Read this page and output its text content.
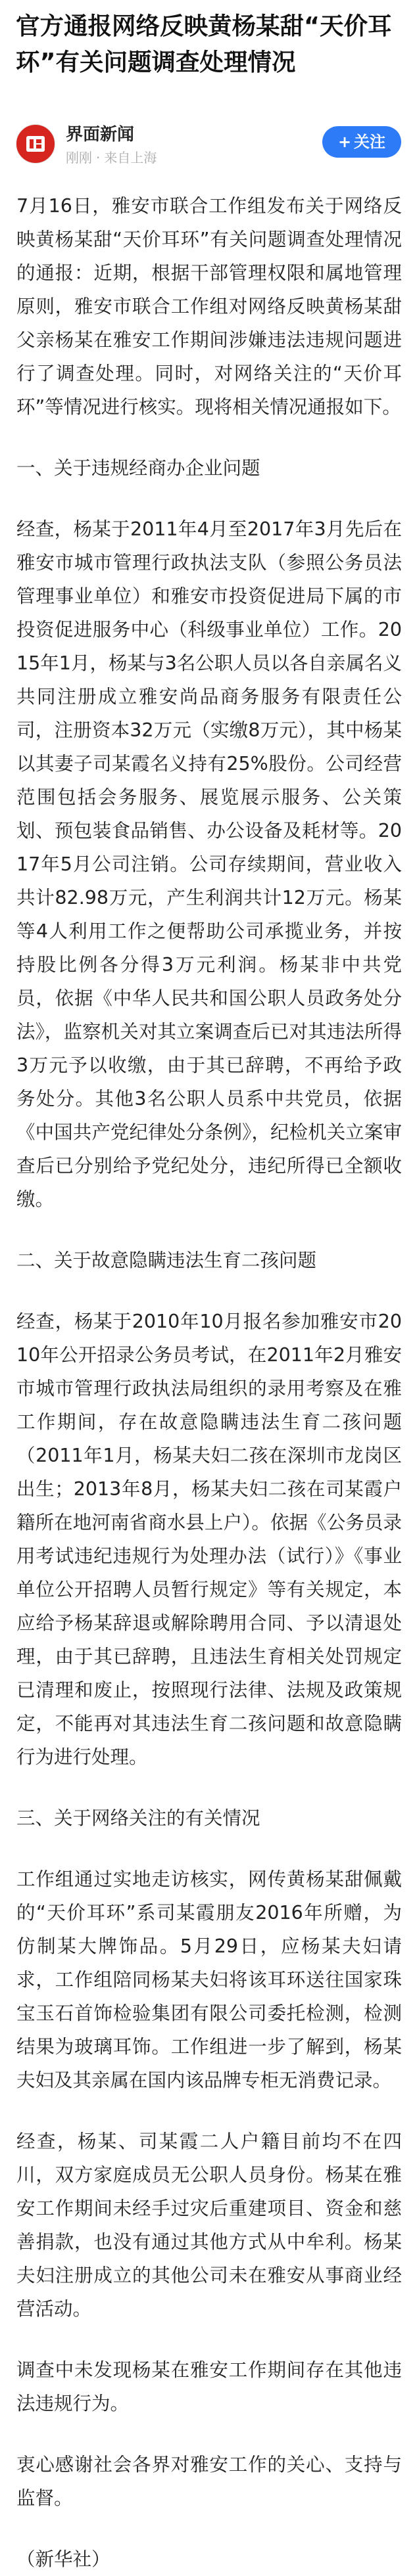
官方通报网络反映黄杨某甜“天价耳环”有关问题调查处理情况
界面新闻
刚刚 · 来自上海
+ 关注

7月16日，雅安市联合工作组发布关于网络反映黄杨某甜“天价耳环”有关问题调查处理情况的通报：近期，根据干部管理权限和属地管理原则，雅安市联合工作组对网络反映黄杨某甜父亲杨某在雅安工作期间涉嫌违法违规问题进行了调查处理。同时，对网络关注的“天价耳环”等情况进行核实。现将相关情况通报如下。

一、关于违规经商办企业问题

经查，杨某于2011年4月至2017年3月先后在雅安市城市管理行政执法支队（参照公务员法管理事业单位）和雅安市投资促进局下属的市投资促进服务中心（科级事业单位）工作。2015年1月，杨某与3名公职人员以各自亲属名义共同注册成立雅安尚品商务服务有限责任公司，注册资本32万元（实缴8万元），其中杨某以其妻子司某霞名义持有25%股份。公司经营范围包括会务服务、展览展示服务、公关策划、预包装食品销售、办公设备及耗材等。2017年5月公司注销。公司存续期间，营业收入共计82.98万元，产生利润共计12万元。杨某等4人利用工作之便帮助公司承揽业务，并按持股比例各分得3万元利润。杨某非中共党员，依据《中华人民共和国公职人员政务处分法》，监察机关对其立案调查后已对其违法所得3万元予以收缴，由于其已辞聘，不再给予政务处分。其他3名公职人员系中共党员，依据《中国共产党纪律处分条例》，纪检机关立案审查后已分别给予党纪处分，违纪所得已全额收缴。

二、关于故意隐瞒违法生育二孩问题

经查，杨某于2010年10月报名参加雅安市2010年公开招录公务员考试，在2011年2月雅安市城市管理行政执法局组织的录用考察及在雅工作期间，存在故意隐瞒违法生育二孩问题（2011年1月，杨某夫妇二孩在深圳市龙岗区出生；2013年8月，杨某夫妇二孩在司某霞户籍所在地河南省商水县上户）。依据《公务员录用考试违纪违规行为处理办法（试行）》《事业单位公开招聘人员暂行规定》等有关规定，本应给予杨某辞退或解除聘用合同、予以清退处理，由于其已辞聘，且违法生育相关处罚规定已清理和废止，按照现行法律、法规及政策规定，不能再对其违法生育二孩问题和故意隐瞒行为进行处理。

三、关于网络关注的有关情况

工作组通过实地走访核实，网传黄杨某甜佩戴的“天价耳环”系司某霞朋友2016年所赠，为仿制某大牌饰品。5月29日，应杨某夫妇请求，工作组陪同杨某夫妇将该耳环送往国家珠宝玉石首饰检验集团有限公司委托检测，检测结果为玻璃耳饰。工作组进一步了解到，杨某夫妇及其亲属在国内该品牌专柜无消费记录。

经查，杨某、司某霞二人户籍目前均不在四川，双方家庭成员无公职人员身份。杨某在雅安工作期间未经手过灾后重建项目、资金和慈善捐款，也没有通过其他方式从中牟利。杨某夫妇注册成立的其他公司未在雅安从事商业经营活动。

调查中未发现杨某在雅安工作期间存在其他违法违规行为。

衷心感谢社会各界对雅安工作的关心、支持与监督。

（新华社）
